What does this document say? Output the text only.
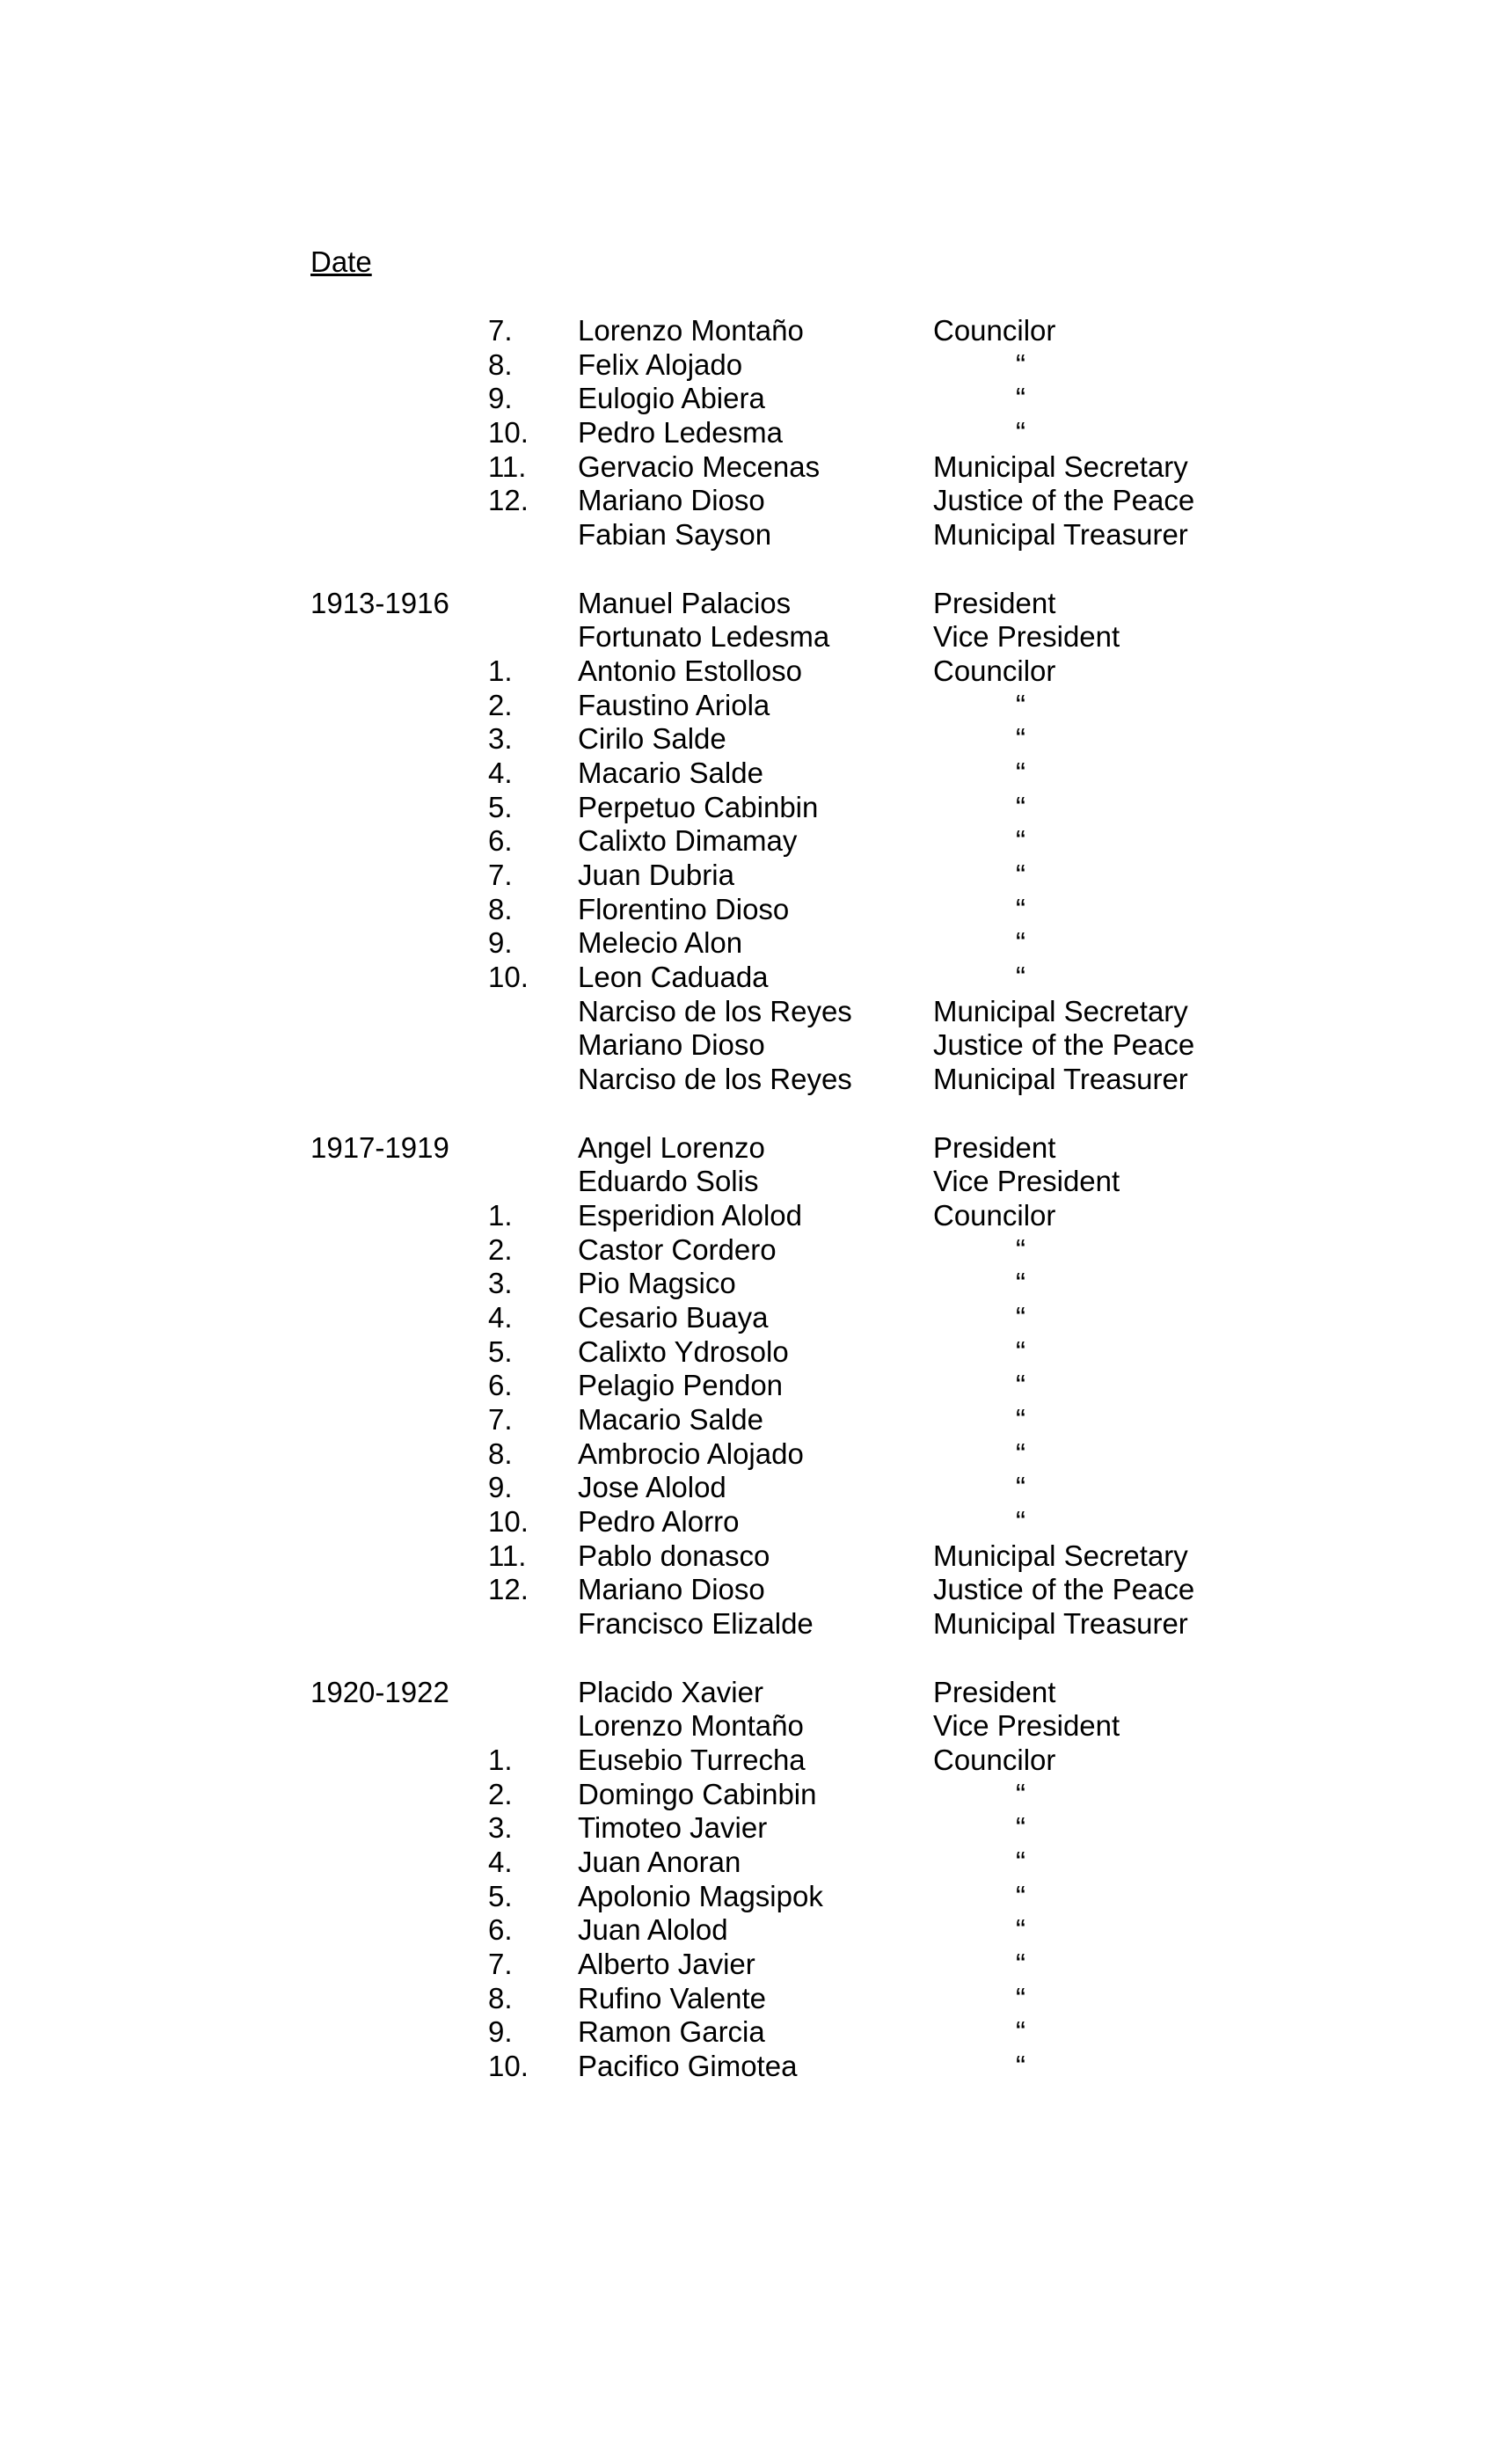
Date
7. Lorenzo Montaño	Councilor
8. Felix Alojado	“
9. Eulogio Abiera	“
10. Pedro Ledesma	“
11. Gervacio Mecenas	Municipal Secretary
12. Mariano Dioso	Justice of the Peace
Fabian Sayson	Municipal Treasurer
1913-1916	Manuel Palacios	President
Fortunato Ledesma	Vice President
1. Antonio Estolloso	Councilor
2. Faustino Ariola	“
3. Cirilo Salde	“
4. Macario Salde	“
5. Perpetuo Cabinbin	“
6. Calixto Dimamay	“
7. Juan Dubria	“
8. Florentino Dioso	“
9. Melecio Alon	“
10. Leon Caduada	“
Narciso de los Reyes	Municipal Secretary
Mariano Dioso	Justice of the Peace
Narciso de los Reyes	Municipal Treasurer
1917-1919	Angel Lorenzo	President
Eduardo Solis	Vice President
1. Esperidion Alolod	Councilor
2. Castor Cordero	“
3. Pio Magsico	“
4. Cesario Buaya	“
5. Calixto Ydrosolo	“
6. Pelagio Pendon	“
7. Macario Salde	“
8. Ambrocio Alojado	“
9. Jose Alolod	“
10. Pedro Alorro	“
11. Pablo donasco	Municipal Secretary
12. Mariano Dioso	Justice of the Peace
Francisco Elizalde	Municipal Treasurer
1920-1922	Placido Xavier	President
Lorenzo Montaño	Vice President
1. Eusebio Turrecha	Councilor
2. Domingo Cabinbin	“
3. Timoteo Javier	“
4. Juan Anoran	“
5. Apolonio Magsipok	“
6. Juan Alolod	“
7. Alberto Javier	“
8. Rufino Valente	“
9. Ramon Garcia	“
10. Pacifico Gimotea	“
